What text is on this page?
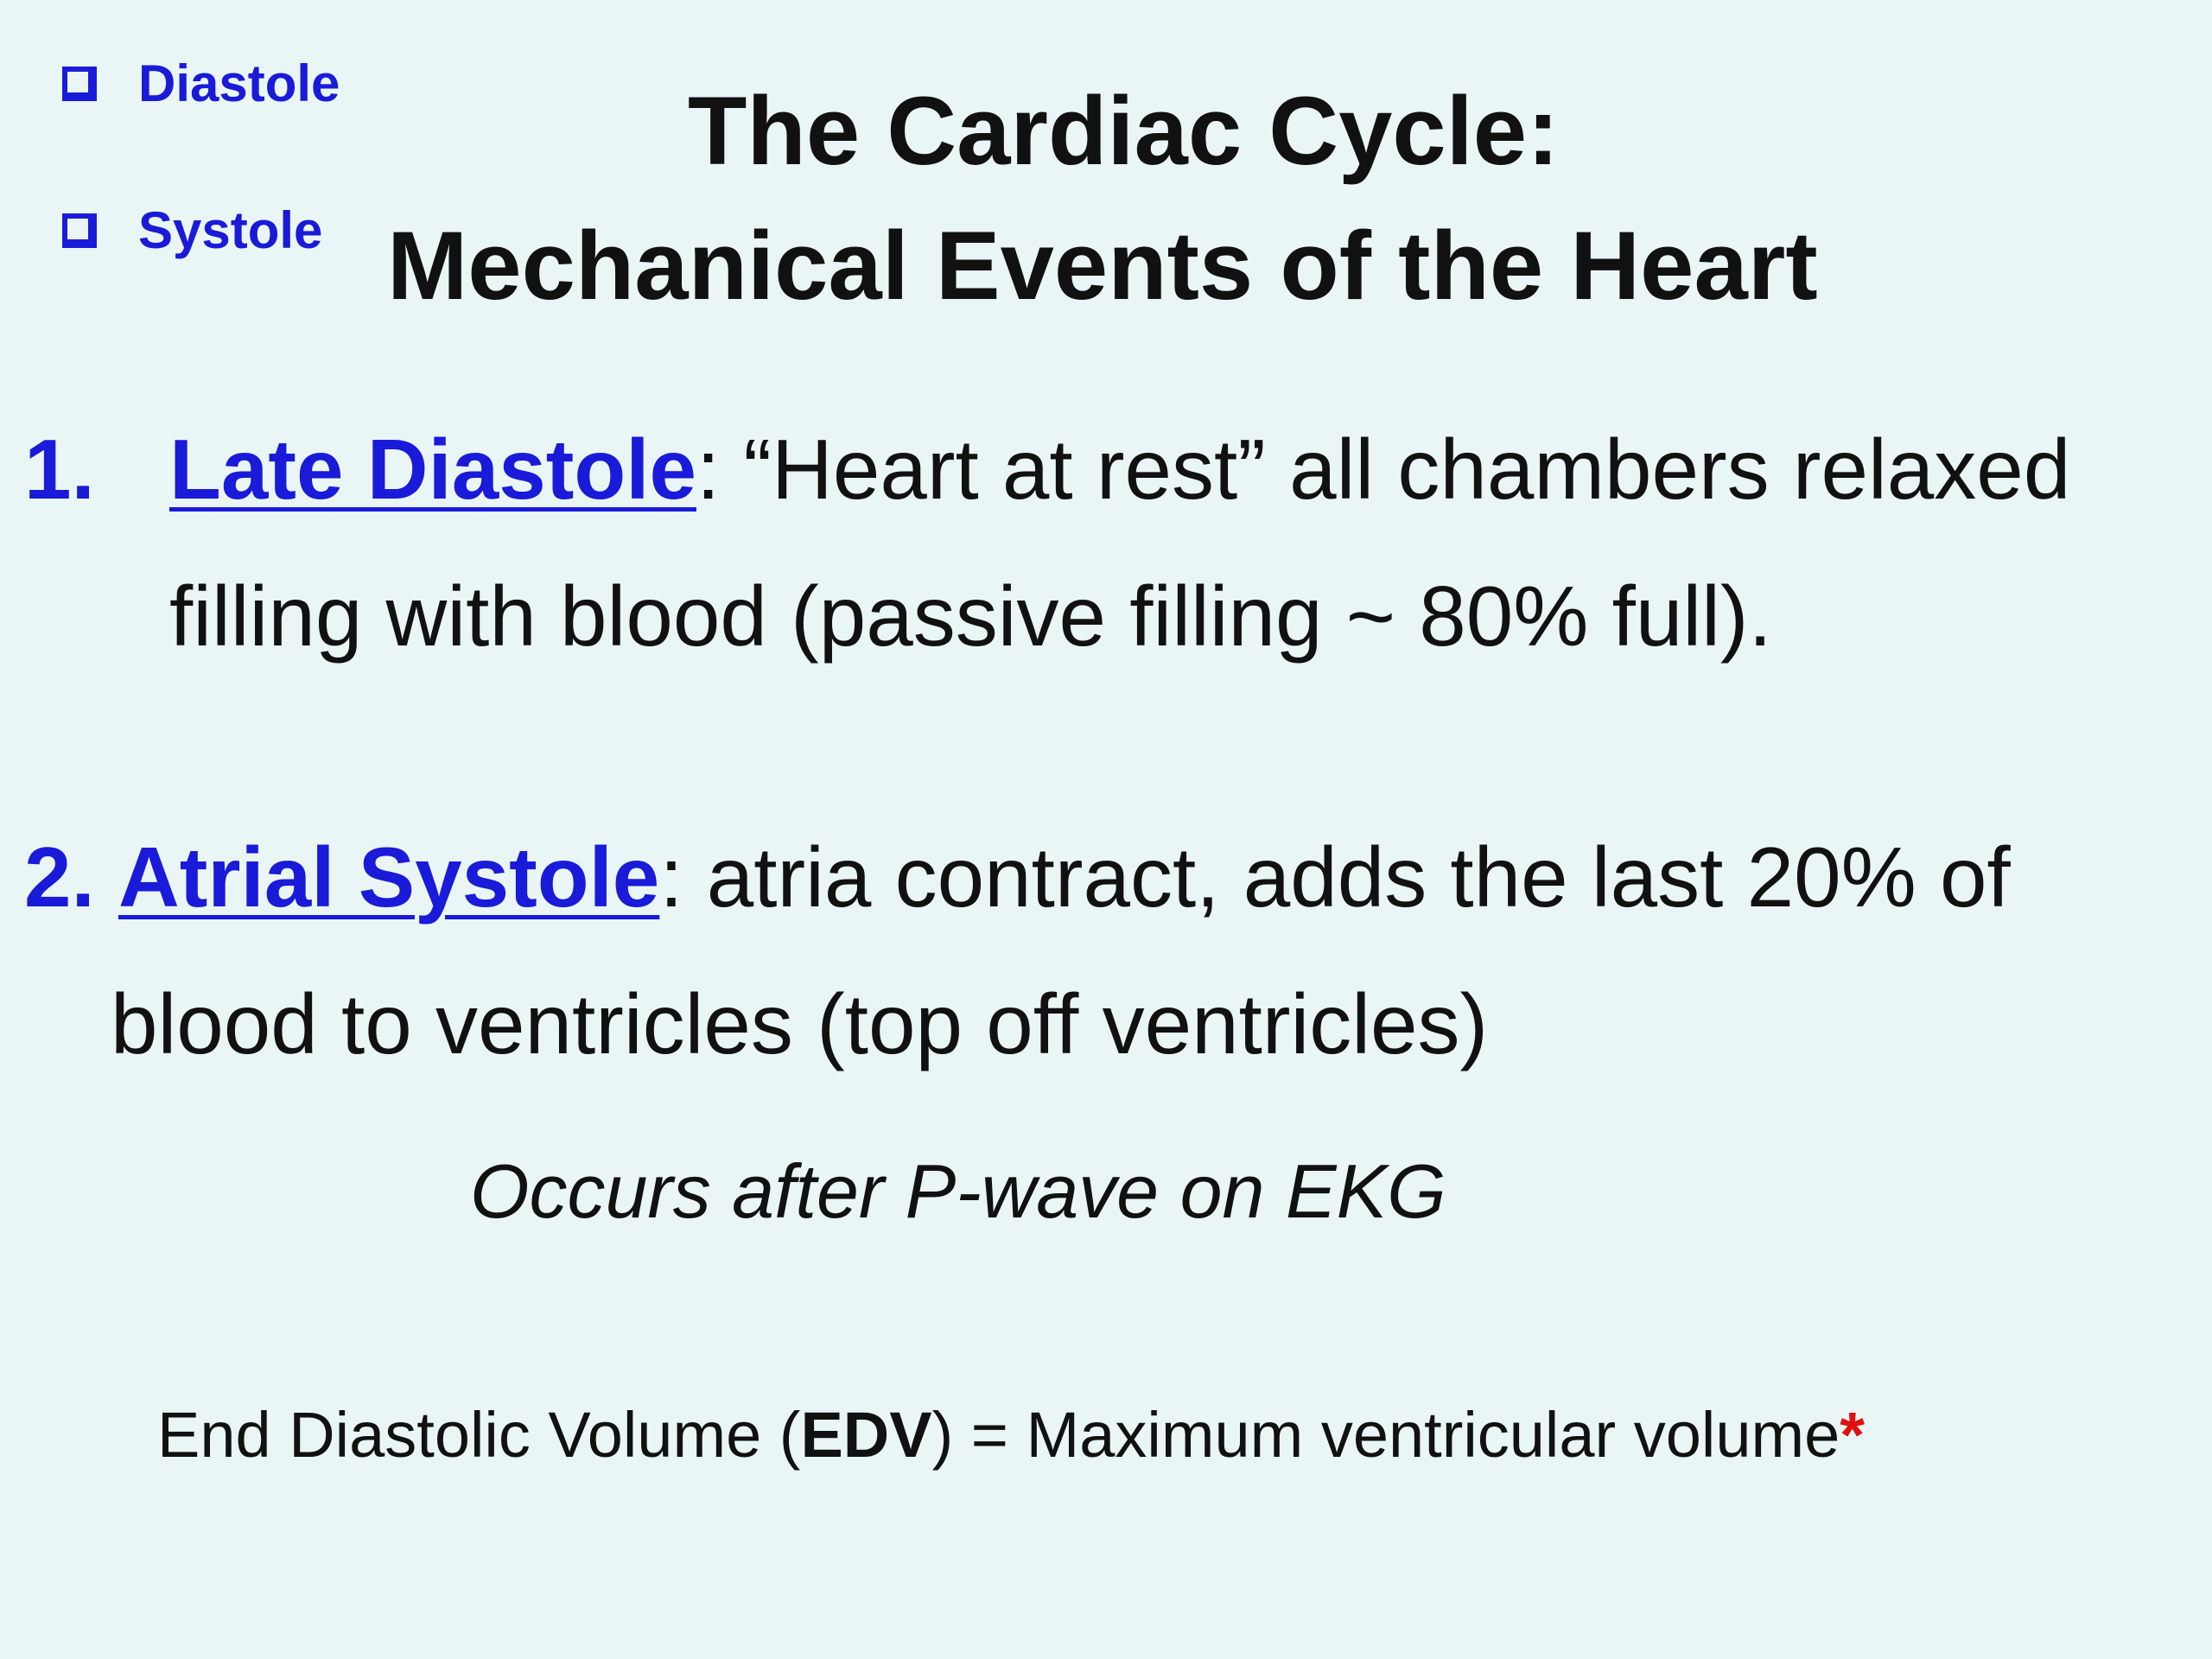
Diastole
Systole
The Cardiac Cycle:
Mechanical Events of the Heart
1. Late Diastole: “Heart at rest” all chambers relaxed
filling with blood (passive filling ~ 80% full).
2. Atrial Systole: atria contract, adds the last 20% of
blood to ventricles (top off ventricles)
Occurs after P-wave on EKG
End Diastolic Volume (EDV) = Maximum ventricular volume*
